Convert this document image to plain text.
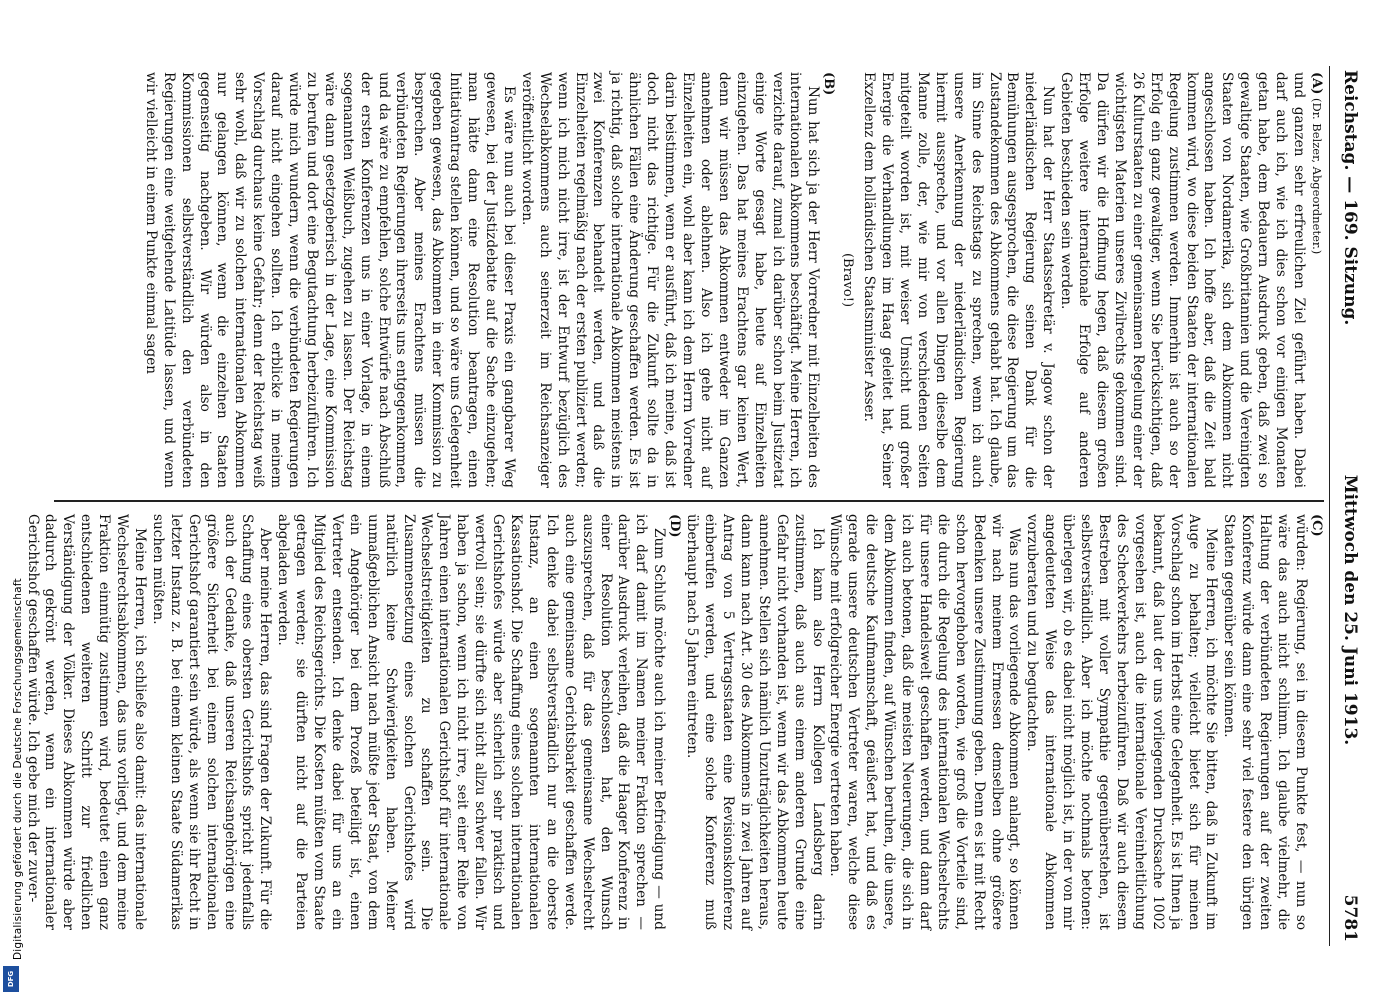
Digitalisierung gefördert durch die Deutsche Forschungsgemeinschaft
DFG
Reichstag. — 169. Sitzung.
Mittwoch den 25. Juni 1913.
5781
(A) (Dr. Belzer, Abgeordneter.)

und ganzen sehr erfreulichen Ziel geführt haben. Dabei darf auch ich, wie ich dies schon vor einigen Monaten getan habe, dem Bedauern Ausdruck geben, daß zwei so gewaltige Staaten, wie Großbritannien und die Vereinigten Staaten von Nordamerika, sich dem Abkommen nicht angeschlossen haben. Ich hoffe aber, daß die Zeit bald kommen wird, wo diese beiden Staaten der internationalen Regelung zustimmen werden. Immerhin ist auch so der Erfolg ein ganz gewaltiger, wenn Sie berücksichtigen, daß 26 Kulturstaaten zu einer gemeinsamen Regelung einer der wichtigsten Materien unseres Zivilrechts gekommen sind. Da dürfen wir die Hoffnung hegen, daß diesem großen Erfolge weitere internationale Erfolge auf anderen Gebieten beschieden sein werden.

Nun hat der Herr Staatssekretär v. Jagow schon der niederländischen Regierung seinen Dank für die Bemühungen ausgesprochen, die diese Regierung um das Zustandekommen des Abkommens gehabt hat. Ich glaube, im Sinne des Reichstags zu sprechen, wenn ich auch unsere Anerkennung der niederländischen Regierung hiermit ausspreche, und vor allen Dingen dieselbe dem Manne zolle, der, wie mir von verschiedenen Seiten mitgeteilt worden ist, mit weiser Umsicht und großer Energie die Verhandlungen im Haag geleitet hat, Seiner Exzellenz dem holländischen Staatsminister Asser.

(Bravo!)
(B)

Nun hat sich ja der Herr Vorredner mit Einzelheiten des internationalen Abkommens beschäftigt. Meine Herren, ich verzichte darauf, zumal ich darüber schon beim Justizetat einige Worte gesagt habe, heute auf Einzelheiten einzugehen. Das hat meines Erachtens gar keinen Wert, denn wir müssen das Abkommen entweder im Ganzen annehmen oder ablehnen. Also ich gehe nicht auf Einzelheiten ein, wohl aber kann ich dem Herrn Vorredner darin beistimmen, wenn er ausführt, daß ich meine, daß ist doch nicht das richtige. Für die Zukunft sollte da in ähnlichen Fällen eine Änderung geschaffen werden. Es ist ja richtig, daß solche internationale Abkommen meistens in zwei Konferenzen behandelt werden, und daß die Einzelheiten regelmäßig nach der ersten publiziert werden; wenn ich mich nicht irre, ist der Entwurf bezüglich des Wechselabkommens auch seinerzeit im Reichsanzeiger veröffentlicht worden.

Es wäre nun auch bei dieser Praxis ein gangbarer Weg gewesen, bei der Justizdebatte auf die Sache einzugehen; man hätte dann eine Resolution beantragen, einen Initiativantrag stellen können, und so wäre uns Gelegenheit gegeben gewesen, das Abkommen in einer Kommission zu besprechen. Aber meines Erachtens müssen die verbündeten Regierungen ihrerseits uns entgegenkommen, und da wäre zu empfehlen, solche Entwürfe nach Abschluß der ersten Konferenzen uns in einer Vorlage, in einem sogenannten Weißbuch, zugehen zu lassen. Der Reichstag wäre dann gesetzgeberisch in der Lage, eine Kommission zu berufen und dort eine Begutachtung herbeizuführen. Ich würde mich wundern, wenn die verbündeten Regierungen darauf nicht eingehen sollten. Ich erblicke in meinem Vorschlag durchaus keine Gefahr; denn der Reichstag weiß sehr wohl, daß wir zu solchen internationalen Abkommen nur gelangen können, wenn die einzelnen Staaten gegenseitig nachgeben. Wir würden also in den Kommissionen selbstverständlich den verbündeten Regierungen eine weitgehende Latitüde lassen, und wenn wir vielleicht in einem Punkte einmal sagen

(C)

würden: Regierung, sei in diesem Punkte fest, — nun so wäre das auch nicht schlimm. Ich glaube vielmehr, die Haltung der verbündeten Regierungen auf der zweiten Konferenz würde dann eine sehr viel festere den übrigen Staaten gegenüber sein können.

Meine Herren, ich möchte Sie bitten, daß in Zukunft im Auge zu behalten; vielleicht bietet sich für meinen Vorschlag schon im Herbst eine Gelegenheit. Es ist Ihnen ja bekannt, daß laut der uns vorliegenden Drucksache 1002 vorgesehen ist, auch die internationale Vereinheitlichung des Scheckverkehrs herbeizuführen. Daß wir auch diesem Bestreben mit voller Sympathie gegenüberstehen, ist selbstverständlich. Aber ich möchte nochmals betonen: überlegen wir, ob es dabei nicht möglich ist, in der von mir angedeuteten Weise das internationale Abkommen vorzuberaten und zu begutachten.

Was nun das vorliegende Abkommen anlangt, so können wir nach meinem Ermessen demselben ohne größere Bedenken unsere Zustimmung geben. Denn es ist mit Recht schon hervorgehoben worden, wie groß die Vorteile sind, die durch die Regelung des internationalen Wechselrechts für unsere Handelswelt geschaffen werden, und dann darf ich auch betonen, daß die meisten Neuerungen, die sich in dem Abkommen finden, auf Wünschen beruhen, die unsere, die deutsche Kaufmannschaft, geäußert hat, und daß es gerade unsere deutschen Vertreter waren, welche diese Wünsche mit erfolgreicher Energie vertreten haben.

Ich kann also Herrn Kollegen Landsberg darin zustimmen, daß auch aus einem anderen Grunde eine Gefahr nicht vorhanden ist, wenn wir das Abkommen heute annehmen. Stellen sich nämlich Unzuträglichkeiten heraus, dann kann nach Art. 30 des Abkommens in zwei Jahren auf Antrag von 5 Vertragsstaaten eine Revisionskonferenz einberufen werden, und eine solche Konferenz muß überhaupt nach 5 Jahren eintreten.

(D)

Zum Schluß möchte auch ich meiner Befriedigung — und ich darf damit im Namen meiner Fraktion sprechen — darüber Ausdruck verleihen, daß die Haager Konferenz in einer Resolution beschlossen hat, den Wunsch auszusprechen, daß für das gemeinsame Wechselrecht auch eine gemeinsame Gerichtsbarkeit geschaffen werde. Ich denke dabei selbstverständlich nur an die oberste Instanz, an einen sogenannten internationalen Kassationshof. Die Schaffung eines solchen internationalen Gerichtshofes würde aber sicherlich sehr praktisch und wertvoll sein; sie dürfte sich nicht allzu schwer fallen. Wir haben ja schon, wenn ich nicht irre, seit einer Reihe von Jahren einen internationalen Gerichtshof für internationale Wechselstreitigkeiten zu schaffen sein. Die Zusammensetzung eines solchen Gerichtshofes wird natürlich keine Schwierigkeiten haben. Meiner unmaßgeblichen Ansicht nach müßte jeder Staat, von dem ein Angehöriger bei dem Prozeß beteiligt ist, einen Vertreter entsenden. Ich denke dabei für uns an ein Mitglied des Reichsgerichts. Die Kosten müßten vom Staate getragen werden; sie dürften nicht auf die Parteien abgeladen werden.

Aber meine Herren, das sind Fragen der Zukunft. Für die Schaffung eines obersten Gerichtshofs spricht jedenfalls auch der Gedanke, daß unseren Reichsangehörigen eine größere Sicherheit bei einem solchen internationalen Gerichtshof garantiert sein würde, als wenn sie ihr Recht in letzter Instanz z. B. bei einem kleinen Staate Südamerikas suchen müßten.

Meine Herren, ich schließe also damit: das internationale Wechselrechtsabkommen, das uns vorliegt, und dem meine Fraktion einmütig zustimmen wird, bedeutet einen ganz entschiedenen weiteren Schritt zur friedlichen Verständigung der Völker. Dieses Abkommen würde aber dadurch gekrönt werden, wenn ein internationaler Gerichtshof geschaffen würde. Ich gebe mich der zuver-
